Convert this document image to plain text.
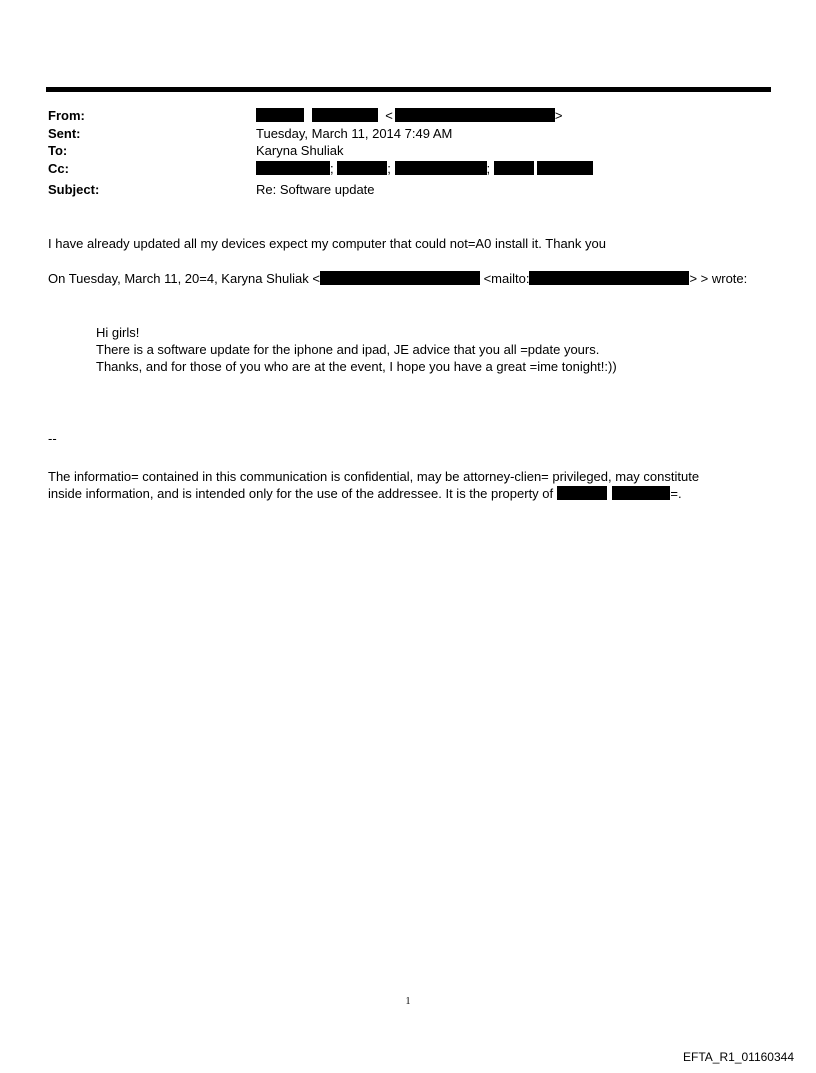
From:	<	>
Sent:	Tuesday, March 11, 2014 7:49 AM
To:	Karyna Shuliak
Cc:	;	;	;
Subject:	Re: Software update
I have already updated all my devices expect my computer that could not=A0 install it. Thank you
On Tuesday, March 11, 20=4, Karyna Shuliak <	<mailto:	> > wrote:
Hi girls!
There is a software update for the iphone and ipad, JE advice that you all =pdate yours.
Thanks, and for those of you who are at the event, I hope you have a great =ime tonight!:))
--
The informatio= contained in this communication is confidential, may be attorney-clien= privileged, may constitute
inside information, and is intended only for the use of the addressee. It is the property of	=.
1
EFTA_R1_01160344
